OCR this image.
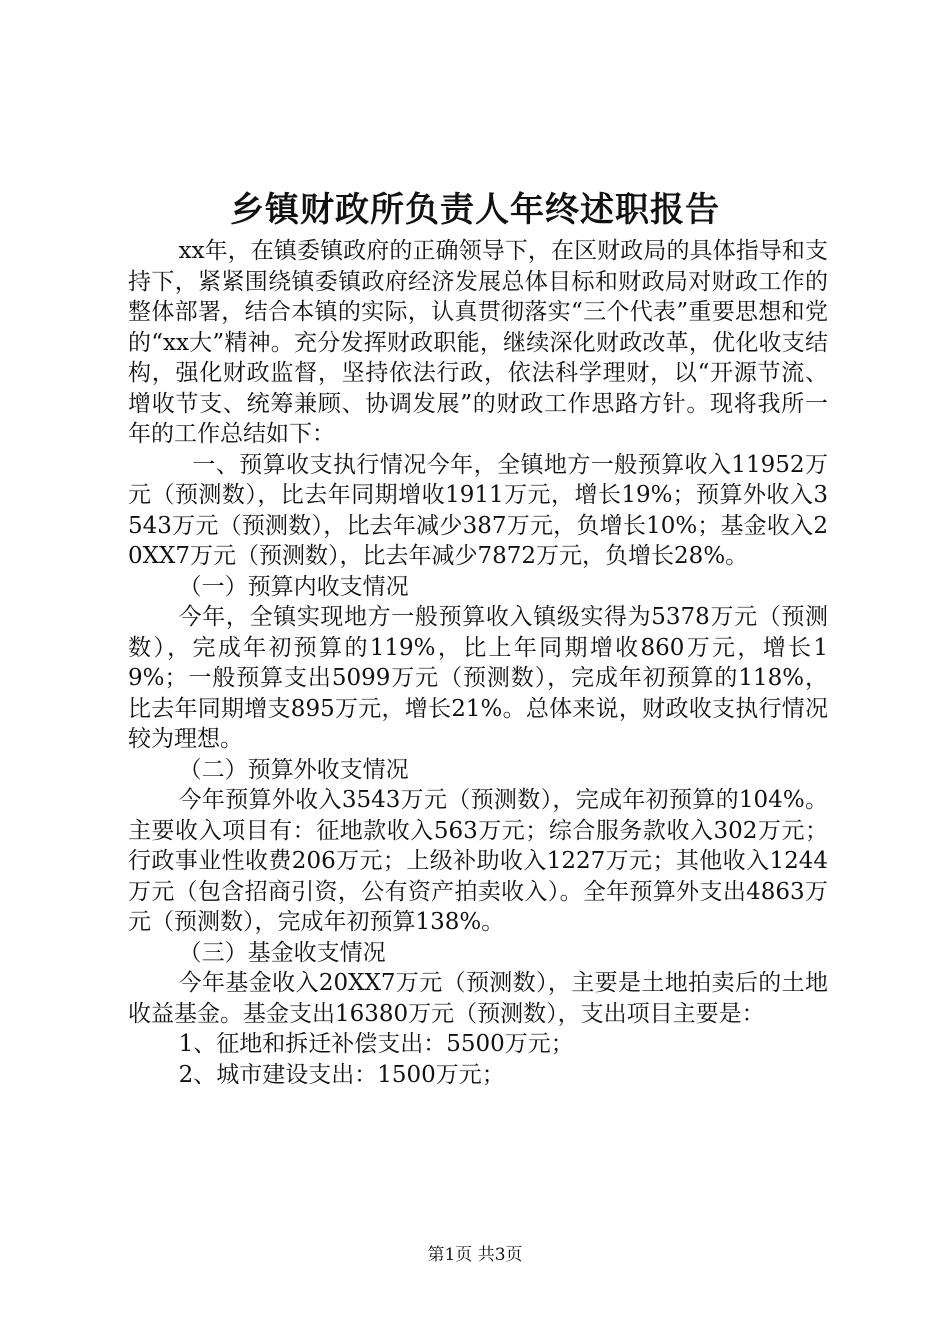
乡镇财政所负责人年终述职报告

xx年，在镇委镇政府的正确领导下，在区财政局的具体指导和支持下，紧紧围绕镇委镇政府经济发展总体目标和财政局对财政工作的整体部署，结合本镇的实际，认真贯彻落实“三个代表”重要思想和党的“xx大”精神。充分发挥财政职能，继续深化财政改革，优化收支结构，强化财政监督，坚持依法行政，依法科学理财，以“开源节流、增收节支、统筹兼顾、协调发展”的财政工作思路方针。现将我所一年的工作总结如下：

一、预算收支执行情况今年，全镇地方一般预算收入11952万元（预测数），比去年同期增收1911万元，增长19%；预算外收入3543万元（预测数），比去年减少387万元，负增长10%；基金收入20XX7万元（预测数），比去年减少7872万元，负增长28%。

（一）预算内收支情况

今年，全镇实现地方一般预算收入镇级实得为5378万元（预测数），完成年初预算的119%，比上年同期增收860万元，增长19%；一般预算支出5099万元（预测数），完成年初预算的118%，比去年同期增支895万元，增长21%。总体来说，财政收支执行情况较为理想。

（二）预算外收支情况

今年预算外收入3543万元（预测数），完成年初预算的104%。主要收入项目有：征地款收入563万元；综合服务款收入302万元；行政事业性收费206万元；上级补助收入1227万元；其他收入1244万元（包含招商引资，公有资产拍卖收入）。全年预算外支出4863万元（预测数），完成年初预算138%。

（三）基金收支情况

今年基金收入20XX7万元（预测数），主要是土地拍卖后的土地收益基金。基金支出16380万元（预测数），支出项目主要是：

1、征地和拆迁补偿支出：5500万元；

2、城市建设支出：1500万元；

第1页 共3页
